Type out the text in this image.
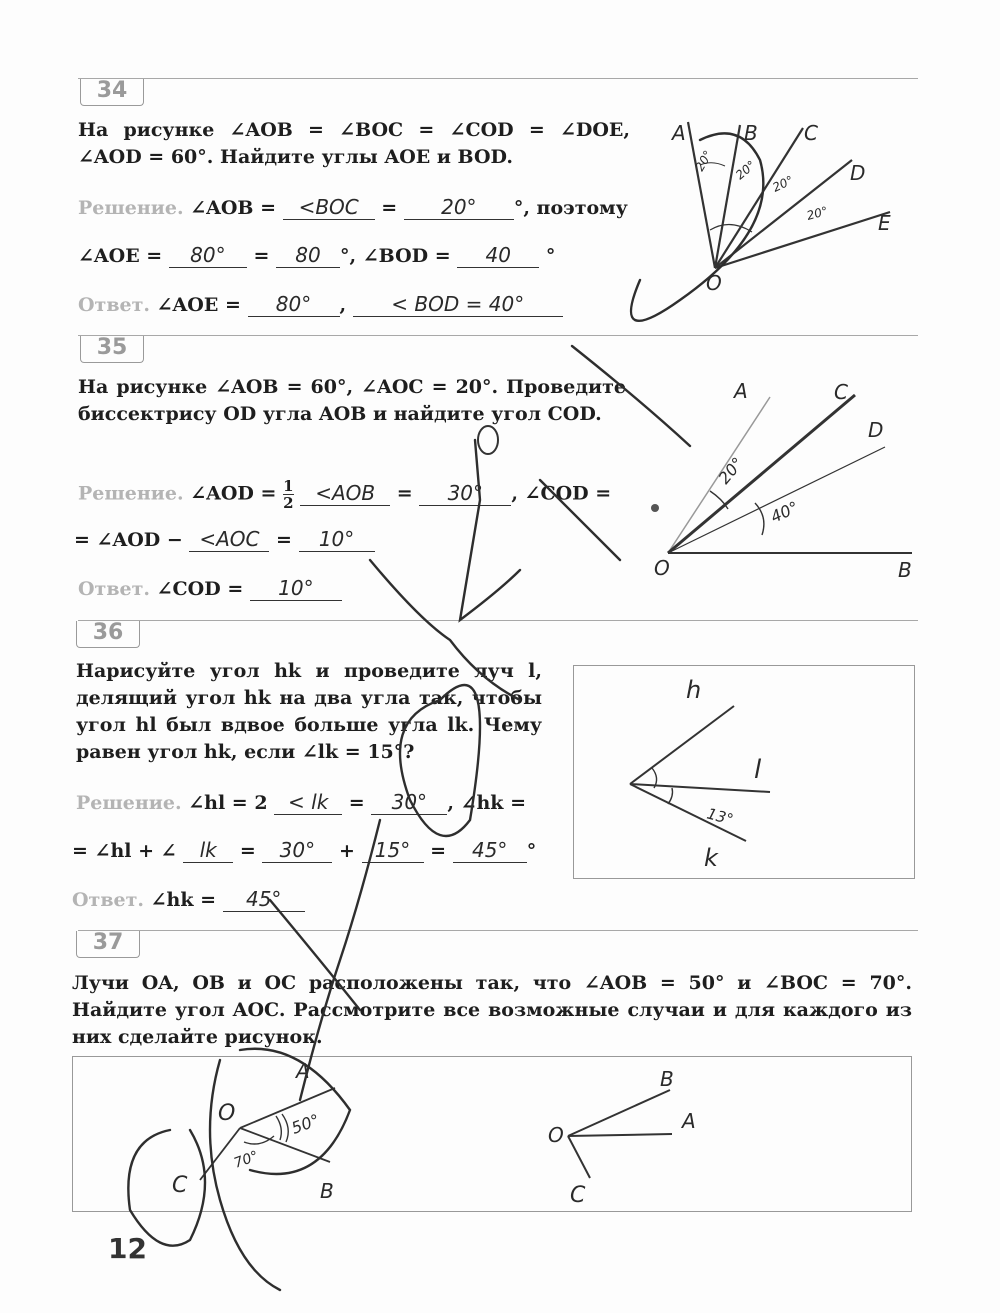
34
На рисунке ∠AOB = ∠BOC = ∠COD = ∠DOE, ∠AOD = 60°. Найдите углы AOE и BOD.
Решение. ∠AOB = <BOC = 20° °, поэтому
∠AOE = 80° = 80 °, ∠BOD = 40 °
Ответ. ∠AOE = 80° , < BOD = 40°
A	B C
D
E
O
20° 20°
20°
20°
35
На рисунке ∠AOB = 60°, ∠AOC = 20°. Проведите биссектрису OD угла AOB и найдите угол COD.
Решение. ∠AOD = $\frac{1}{2} <AOB = 30^\circ$ , ∠COD =
= ∠AOD − <AOC = 10°
Ответ. ∠COD = 10°
A	C
D
O	B
20°
40°
36
Нарисуйте угол hk и проведите луч l, делящий угол hk на два угла так, чтобы угол hl был вдвое больше угла lk. Чему равен угол hk, если ∠lk = 15°?
Решение. ∠hl = 2 < lk = 30° , ∠hk =
= ∠hl + ∠ lk = 30° + 15° = 45° °
Ответ. ∠hk = 45°
h
l
k
13°
37
Лучи OA, OB и OC расположены так, что ∠AOB = 50° и ∠BOC = 70°. Найдите угол AOC. Рассмотрите все возможные случаи и для каждого из них сделайте рисунок.
O
A
B
C
50°
70°
O
B
A
C
12
